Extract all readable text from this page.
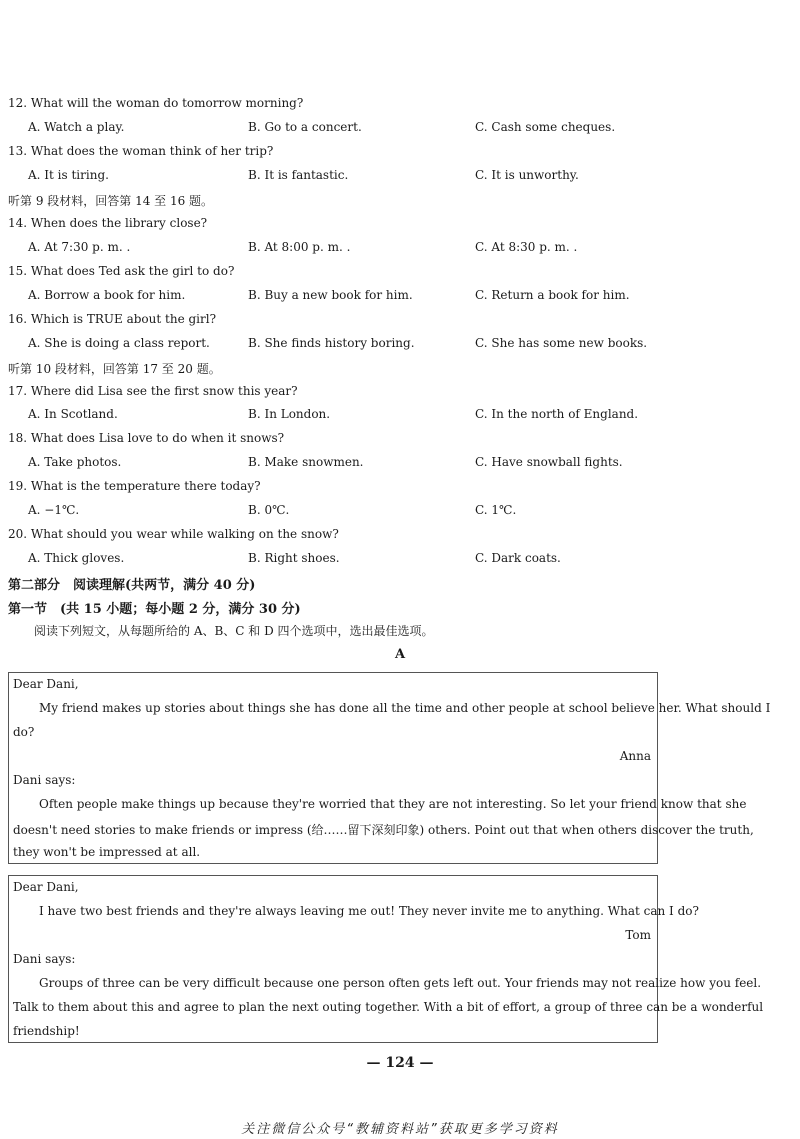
12. What will the woman do tomorrow morning?
A. Watch a play.	B. Go to a concert.	C. Cash some cheques.
13. What does the woman think of her trip?
A. It is tiring.	B. It is fantastic.	C. It is unworthy.
听第 9 段材料，回答第 14 至 16 题。
14. When does the library close?
A. At 7:30 p. m. .	B. At 8:00 p. m. .	C. At 8:30 p. m. .
15. What does Ted ask the girl to do?
A. Borrow a book for him.	B. Buy a new book for him.	C. Return a book for him.
16. Which is TRUE about the girl?
A. She is doing a class report.	B. She finds history boring.	C. She has some new books.
听第 10 段材料，回答第 17 至 20 题。
17. Where did Lisa see the first snow this year?
A. In Scotland.	B. In London.	C. In the north of England.
18. What does Lisa love to do when it snows?
A. Take photos.	B. Make snowmen.	C. Have snowball fights.
19. What is the temperature there today?
A. −1℃.	B. 0℃.	C. 1℃.
20. What should you wear while walking on the snow?
A. Thick gloves.	B. Right shoes.	C. Dark coats.
第二部分　阅读理解(共两节，满分 40 分)
第一节　(共 15 小题；每小题 2 分，满分 30 分)
阅读下列短文，从每题所给的 A、B、C 和 D 四个选项中，选出最佳选项。
A
Dear Dani,
My friend makes up stories about things she has done all the time and other people at school believe her. What should I
do?
Anna
Dani says:
Often people make things up because they're worried that they are not interesting. So let your friend know that she
doesn't need stories to make friends or impress (给……留下深刻印象) others. Point out that when others discover the truth,
they won't be impressed at all.
Dear Dani,
I have two best friends and they're always leaving me out! They never invite me to anything. What can I do?
Tom
Dani says:
Groups of three can be very difficult because one person often gets left out. Your friends may not realize how you feel.
Talk to them about this and agree to plan the next outing together. With a bit of effort, a group of three can be a wonderful
friendship!
— 124 —
关注微信公众号“教辅资料站”获取更多学习资料
